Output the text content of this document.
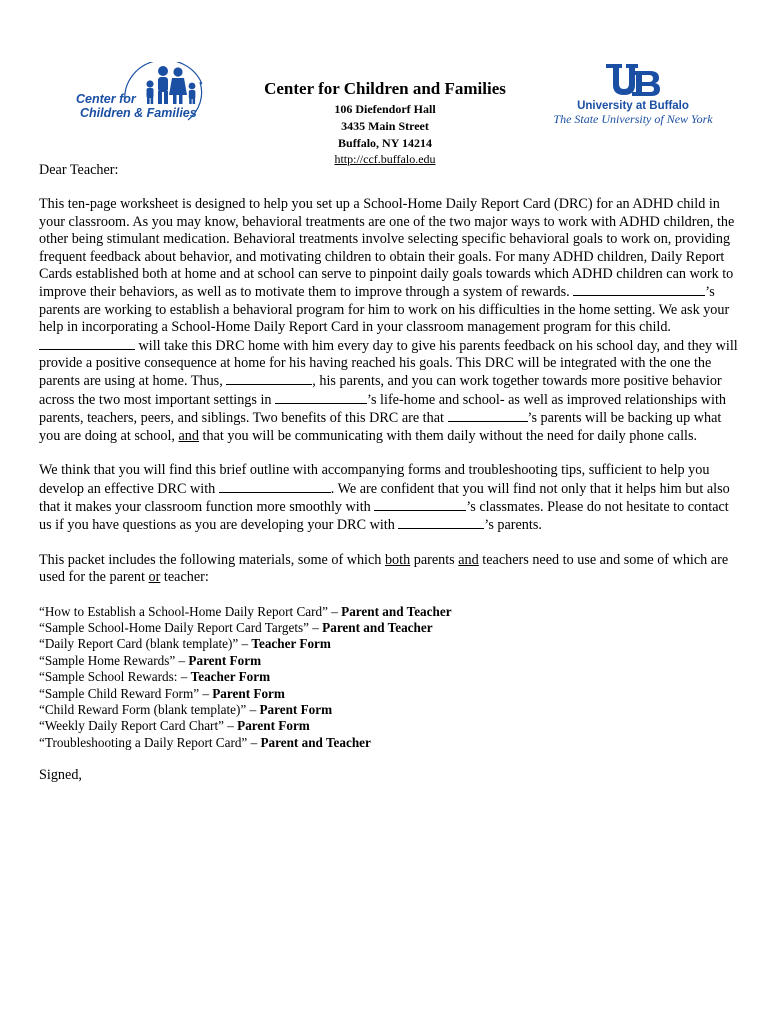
Center for
Children & Families
Center for Children and Families
106 Diefendorf Hall
3435 Main Street
Buffalo, NY 14214
http://ccf.buffalo.edu
University at Buffalo
The State University of New York

Dear Teacher:

This ten-page worksheet is designed to help you set up a School-Home Daily Report Card (DRC) for an ADHD child in your classroom. As you may know, behavioral treatments are one of the two major ways to work with ADHD children, the other being stimulant medication. Behavioral treatments involve selecting specific behavioral goals to work on, providing frequent feedback about behavior, and motivating children to obtain their goals. For many ADHD children, Daily Report Cards established both at home and at school can serve to pinpoint daily goals towards which ADHD children can work to improve their behaviors, as well as to motivate them to improve through a system of rewards.	’s parents are working to establish a behavioral program for him to work on his difficulties in the home setting. We ask your help in incorporating a School-Home Daily Report Card in your classroom management program for this child.  will take this DRC home with him every day to give his parents feedback on his school day, and they will provide a positive consequence at home for his having reached his goals. This DRC will be integrated with the one the parents are using at home. Thus,	, his parents, and you can work together towards more positive behavior across the two most important settings in	’s life-home and school- as well as improved relationships with parents, teachers, peers, and siblings. Two benefits of this DRC are that	’s parents will be backing up what you are doing at school, and that you will be communicating with them daily without the need for daily phone calls.

We think that you will find this brief outline with accompanying forms and troubleshooting tips, sufficient to help you develop an effective DRC with	. We are confident that you will find not only that it helps him but also that it makes your classroom function more smoothly with	’s classmates. Please do not hesitate to contact us if you have questions as you are developing your DRC with	’s parents.

This packet includes the following materials, some of which both parents and teachers need to use and some of which are used for the parent or teacher:

“How to Establish a School-Home Daily Report Card” – Parent and Teacher
“Sample School-Home Daily Report Card Targets” – Parent and Teacher
“Daily Report Card (blank template)” – Teacher Form
“Sample Home Rewards” – Parent Form
“Sample School Rewards: – Teacher Form
“Sample Child Reward Form” – Parent Form
“Child Reward Form (blank template)” – Parent Form
“Weekly Daily Report Card Chart” – Parent Form
“Troubleshooting a Daily Report Card” – Parent and Teacher

Signed,
